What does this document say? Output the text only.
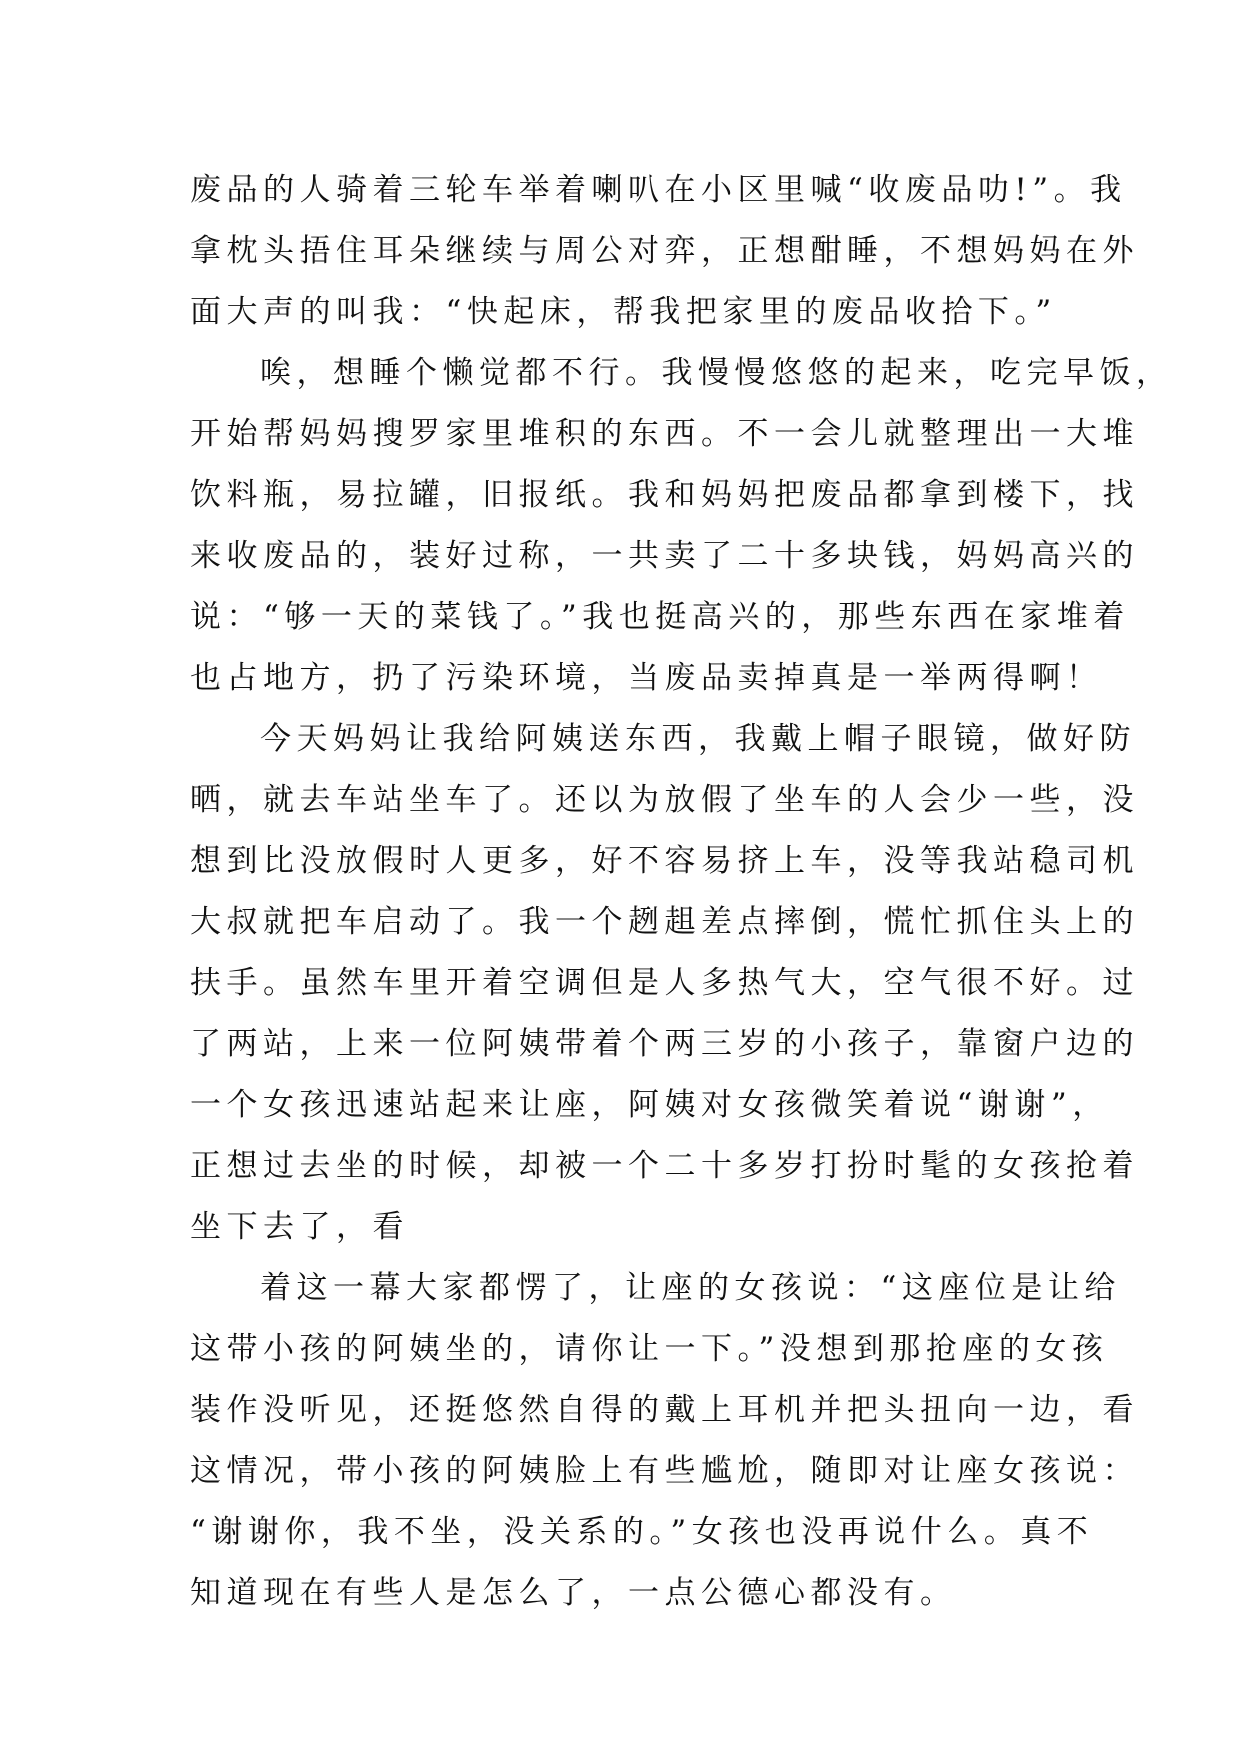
废品的人骑着三轮车举着喇叭在小区里喊“收废品叻!”。我
拿枕头捂住耳朵继续与周公对弈，正想酣睡，不想妈妈在外
面大声的叫我：“快起床，帮我把家里的废品收拾下。”
唉，想睡个懒觉都不行。我慢慢悠悠的起来，吃完早饭，
开始帮妈妈搜罗家里堆积的东西。不一会儿就整理出一大堆
饮料瓶，易拉罐，旧报纸。我和妈妈把废品都拿到楼下，找
来收废品的，装好过称，一共卖了二十多块钱，妈妈高兴的
说：“够一天的菜钱了。”我也挺高兴的，那些东西在家堆着
也占地方，扔了污染环境，当废品卖掉真是一举两得啊！
今天妈妈让我给阿姨送东西，我戴上帽子眼镜，做好防
晒，就去车站坐车了。还以为放假了坐车的人会少一些，没
想到比没放假时人更多，好不容易挤上车，没等我站稳司机
大叔就把车启动了。我一个趔趄差点摔倒，慌忙抓住头上的
扶手。虽然车里开着空调但是人多热气大，空气很不好。过
了两站，上来一位阿姨带着个两三岁的小孩子，靠窗户边的
一个女孩迅速站起来让座，阿姨对女孩微笑着说“谢谢”，
正想过去坐的时候，却被一个二十多岁打扮时髦的女孩抢着
坐下去了，看
着这一幕大家都愣了，让座的女孩说：“这座位是让给
这带小孩的阿姨坐的，请你让一下。”没想到那抢座的女孩
装作没听见，还挺悠然自得的戴上耳机并把头扭向一边，看
这情况，带小孩的阿姨脸上有些尴尬，随即对让座女孩说：
“谢谢你，我不坐，没关系的。”女孩也没再说什么。真不
知道现在有些人是怎么了，一点公德心都没有。
